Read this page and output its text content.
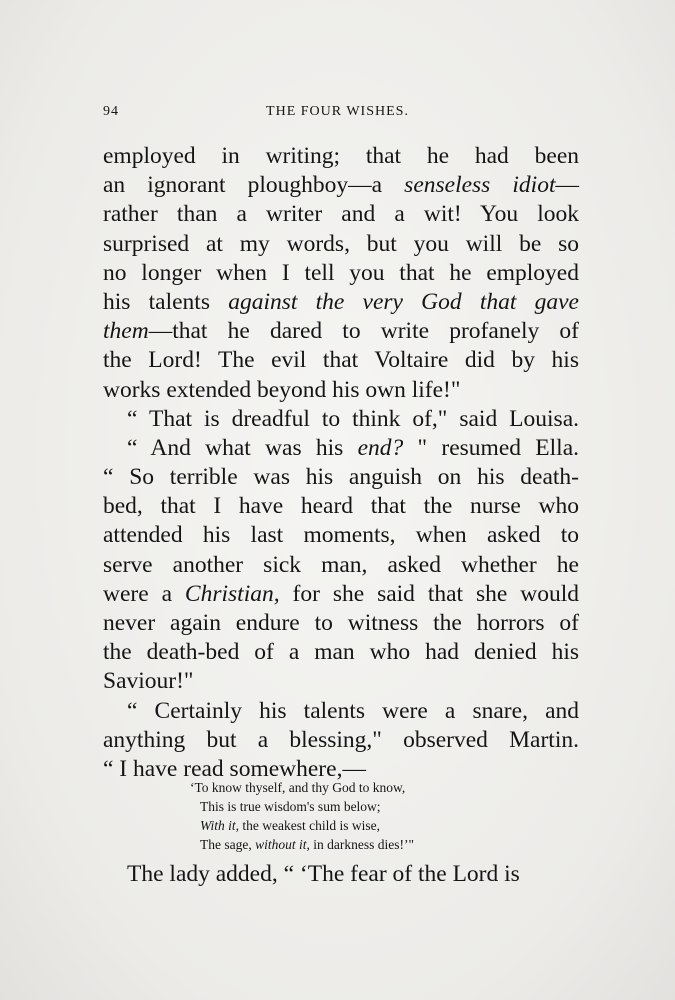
94	THE FOUR WISHES.
employed in writing; that he had been
an ignorant ploughboy—a senseless idiot—
rather than a writer and a wit! You look
surprised at my words, but you will be so
no longer when I tell you that he employed
his talents against the very God that gave
them—that he dared to write profanely of
the Lord! The evil that Voltaire did by his
works extended beyond his own life!"
“ That is dreadful to think of," said Louisa.
“ And what was his end? " resumed Ella.
“ So terrible was his anguish on his death-
bed, that I have heard that the nurse who
attended his last moments, when asked to
serve another sick man, asked whether he
were a Christian, for she said that she would
never again endure to witness the horrors of
the death-bed of a man who had denied his
Saviour!"
“ Certainly his talents were a snare, and
anything but a blessing," observed Martin.
“ I have read somewhere,—
‘To know thyself, and thy God to know,
This is true wisdom's sum below;
With it, the weakest child is wise,
The sage, without it, in darkness dies!’"
The lady added, “ ‘The fear of the Lord is
